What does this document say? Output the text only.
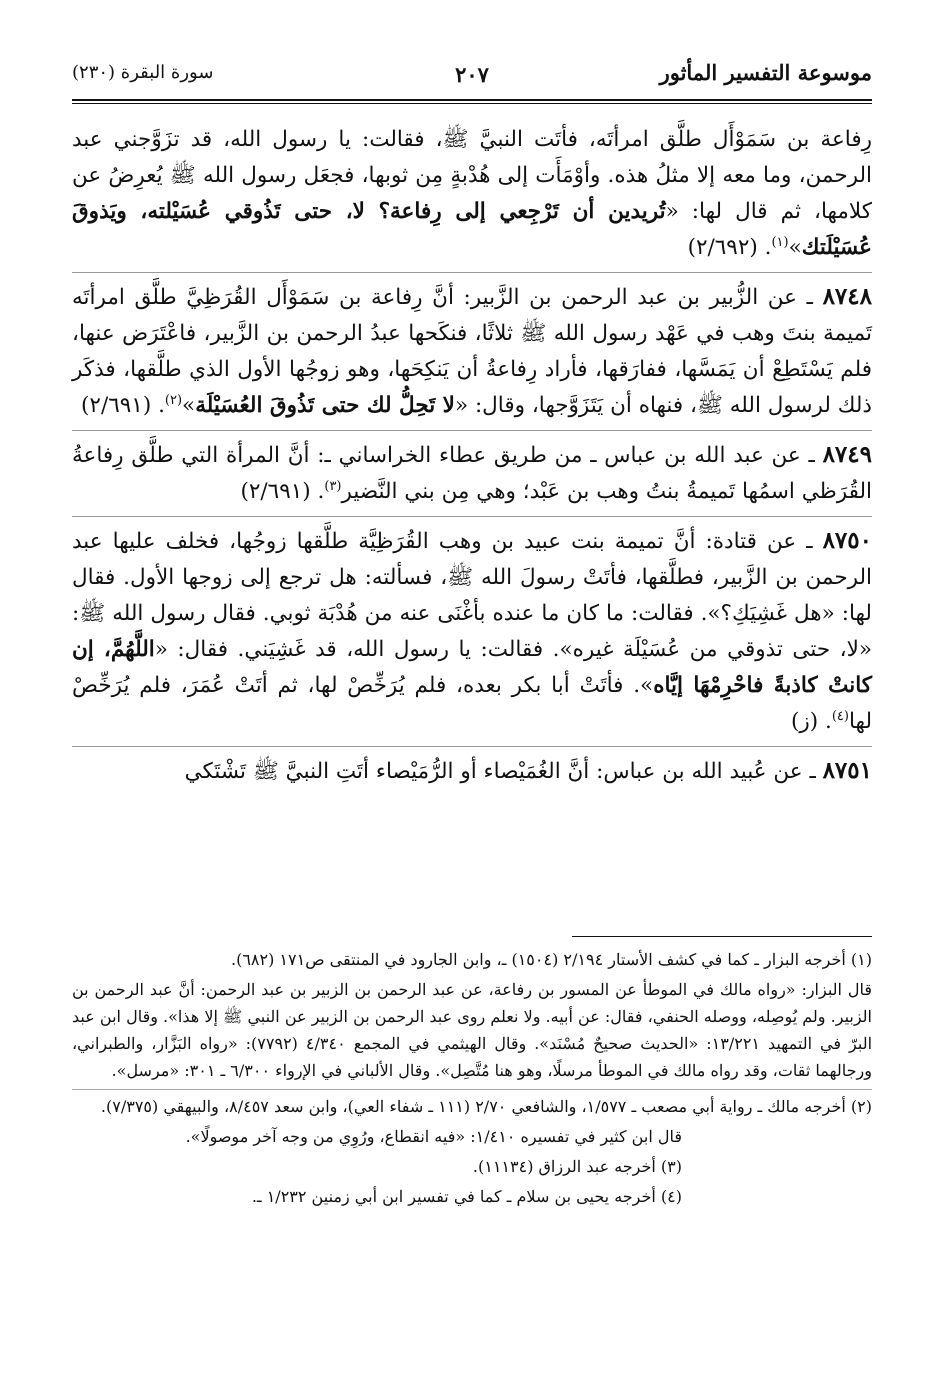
موسوعة التفسير المأثور
٢٠٧
سورة البقرة (٢٣٠)

رِفاعة بن سَمَوْأَل طلَّق امرأتَه، فأتَت النبيَّ ﷺ، فقالت: يا رسول الله، قد تزَوَّجني عبد الرحمن، وما معه إلا مثلُ هذه. وأوْمَأَت إلى هُدْبةٍ مِن ثوبها، فجعَل رسول الله ﷺ يُعرِضُ عن كلامها، ثم قال لها: «تُريدين أن تَرْجِعي إلى رِفاعة؟ لا، حتى تَذُوقي عُسَيْلته، ويَذوقَ عُسَيْلَتك»$^{(١)}$. (٢/٦٩٢)

٨٧٤٨ ـ عن الزُّبير بن عبد الرحمن بن الزَّبير: أنَّ رِفاعة بن سَمَوْأَل القُرَظِيَّ طلَّق امرأتَه تَميمة بنتَ وهب في عَهْد رسول الله ﷺ ثلاثًا، فنكَحها عبدُ الرحمن بن الزَّبير، فاعْتَرَض عنها، فلم يَسْتَطِعْ أن يَمَسَّها، ففارَقها، فأراد رِفاعةُ أن يَنكِحَها، وهو زوجُها الأول الذي طلَّقها، فذكَر ذلك لرسول الله ﷺ، فنهاه أن يَتَزَوَّجها، وقال: «لا تَحِلُّ لك حتى تَذُوقَ العُسَيْلَة»$^{(٢)}$. (٢/٦٩١)

٨٧٤٩ ـ عن عبد الله بن عباس ـ من طريق عطاء الخراساني ـ: أنَّ المرأة التي طلَّق رِفاعةُ القُرَظي اسمُها تَميمةُ بنتُ وهب بن عَبْد؛ وهي مِن بني النَّضير$^{(٣)}$. (٢/٦٩١)

٨٧٥٠ ـ عن قتادة: أنَّ تميمة بنت عبيد بن وهب القُرَظِيَّة طلَّقها زوجُها، فخلف عليها عبد الرحمن بن الزَّبير، فطلَّقها، فأتَتْ رسولَ الله ﷺ، فسألته: هل ترجع إلى زوجها الأول. فقال لها: «هل غَشِيَكِ؟». فقالت: ما كان ما عنده بأغْنَى عنه من هُدْبَة ثوبي. فقال رسول الله ﷺ: «لا، حتى تذوقي من عُسَيْلَة غيره». فقالت: يا رسول الله، قد غَشِيَني. فقال: «اللَّهُمَّ، إن كانتْ كاذبةً فاحْرِمْهَا إيَّاه». فأتَتْ أبا بكر بعده، فلم يُرَخِّصْ لها، ثم أتَتْ عُمَرَ، فلم يُرَخِّصْ لها$^{(٤)}$. (ز)

٨٧٥١ ـ عن عُبيد الله بن عباس: أنَّ الغُمَيْصاء أو الرُّمَيْصاء أتَتِ النبيَّ ﷺ تَشْتَكي

(١) أخرجه البزار ـ كما في كشف الأستار ٢/١٩٤ (١٥٠٤) ـ، وابن الجارود في المنتقى ص١٧١ (٦٨٢).

قال البزار: «رواه مالك في الموطأ عن المسور بن رفاعة، عن عبد الرحمن بن الزبير بن عبد الرحمن: أنَّ عبد الرحمن بن الزبير. ولم يُوصِله، ووصله الحنفي، فقال: عن أبيه. ولا نعلم روى عبد الرحمن بن الزبير عن النبي ﷺ إلا هذا». وقال ابن عبد البرّ في التمهيد ١٣/٢٢١: «الحديث صحيحٌ مُسْنَد». وقال الهيثمي في المجمع ٤/٣٤٠ (٧٧٩٢): «رواه البَزَّار، والطبراني، ورجالهما ثقات، وقد رواه مالك في الموطأ مرسلًا، وهو هنا مُتَّصِل». وقال الألباني في الإرواء ٦/٣٠٠ ـ ٣٠١: «مرسل».

(٢) أخرجه مالك ـ رواية أبي مصعب ـ ١/٥٧٧، والشافعي ٢/٧٠ (١١١ ـ شفاء العي)، وابن سعد ٨/٤٥٧، والبيهقي (٧/٣٧٥).

قال ابن كثير في تفسيره ١/٤١٠: «فيه انقطاع، ورُوِي من وجه آخر موصولًا».

(٣) أخرجه عبد الرزاق (١١١٣٤).

(٤) أخرجه يحيى بن سلام ـ كما في تفسير ابن أبي زمنين ١/٢٣٢ ـ.
